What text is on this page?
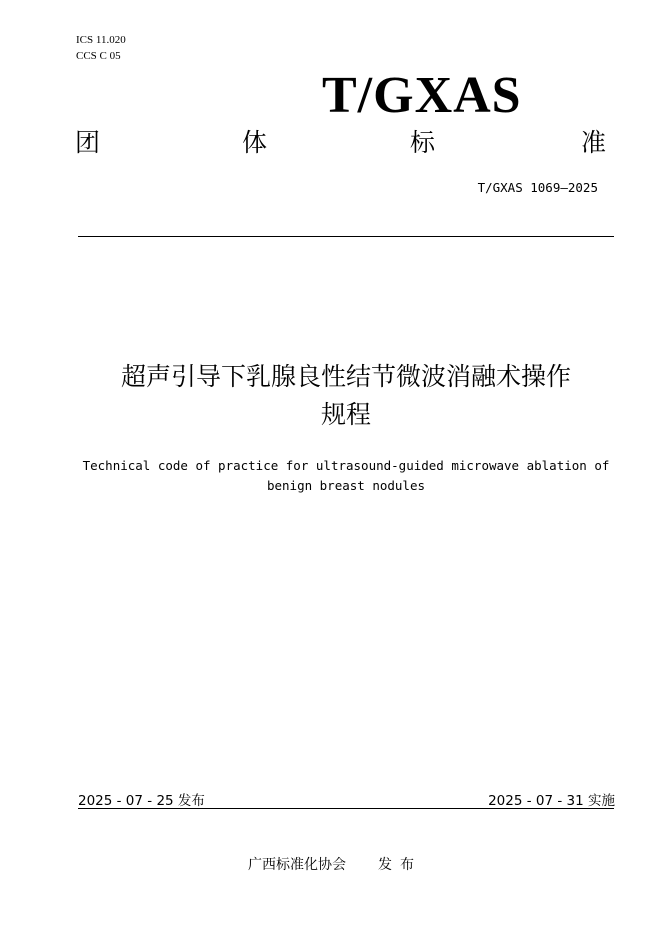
ICS 11.020
CCS C 05
T/GXAS
团	体	标	准
T/GXAS 1069—2025
超声引导下乳腺良性结节微波消融术操作
规程
Technical code of practice for ultrasound-guided microwave ablation of
benign breast nodules
2025 - 07 - 25 发布	2025 - 07 - 31 实施
广西标准化协会 发布
